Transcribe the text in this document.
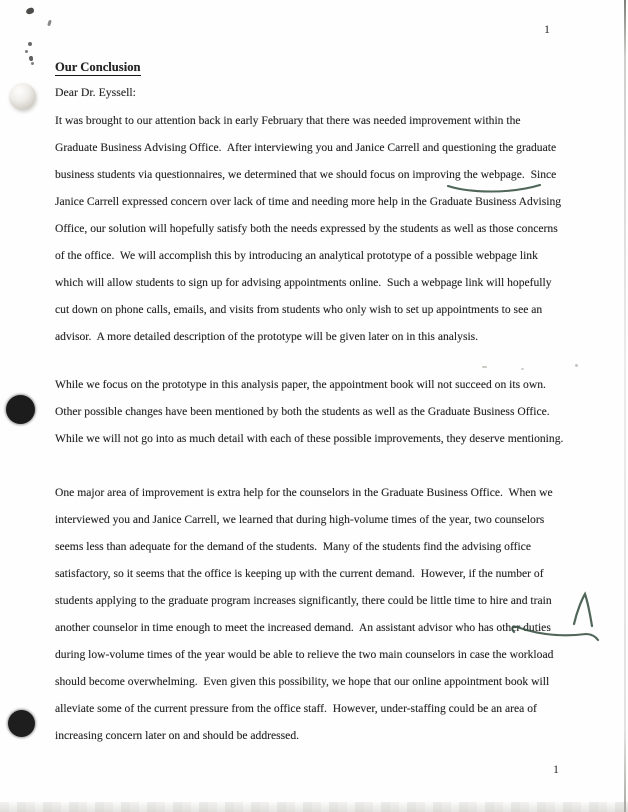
1
Our Conclusion
Dear Dr. Eyssell:
It was brought to our attention back in early February that there was needed improvement within the
Graduate Business Advising Office.  After interviewing you and Janice Carrell and questioning the graduate
business students via questionnaires, we determined that we should focus on improving the webpage.  Since
Janice Carrell expressed concern over lack of time and needing more help in the Graduate Business Advising
Office, our solution will hopefully satisfy both the needs expressed by the students as well as those concerns
of the office.  We will accomplish this by introducing an analytical prototype of a possible webpage link
which will allow students to sign up for advising appointments online.  Such a webpage link will hopefully
cut down on phone calls, emails, and visits from students who only wish to set up appointments to see an
advisor.  A more detailed description of the prototype will be given later on in this analysis.
While we focus on the prototype in this analysis paper, the appointment book will not succeed on its own.
Other possible changes have been mentioned by both the students as well as the Graduate Business Office.
While we will not go into as much detail with each of these possible improvements, they deserve mentioning.
One major area of improvement is extra help for the counselors in the Graduate Business Office.  When we
interviewed you and Janice Carrell, we learned that during high-volume times of the year, two counselors
seems less than adequate for the demand of the students.  Many of the students find the advising office
satisfactory, so it seems that the office is keeping up with the current demand.  However, if the number of
students applying to the graduate program increases significantly, there could be little time to hire and train
another counselor in time enough to meet the increased demand.  An assistant advisor who has other duties
during low-volume times of the year would be able to relieve the two main counselors in case the workload
should become overwhelming.  Even given this possibility, we hope that our online appointment book will
alleviate some of the current pressure from the office staff.  However, under-staffing could be an area of
increasing concern later on and should be addressed.
1
